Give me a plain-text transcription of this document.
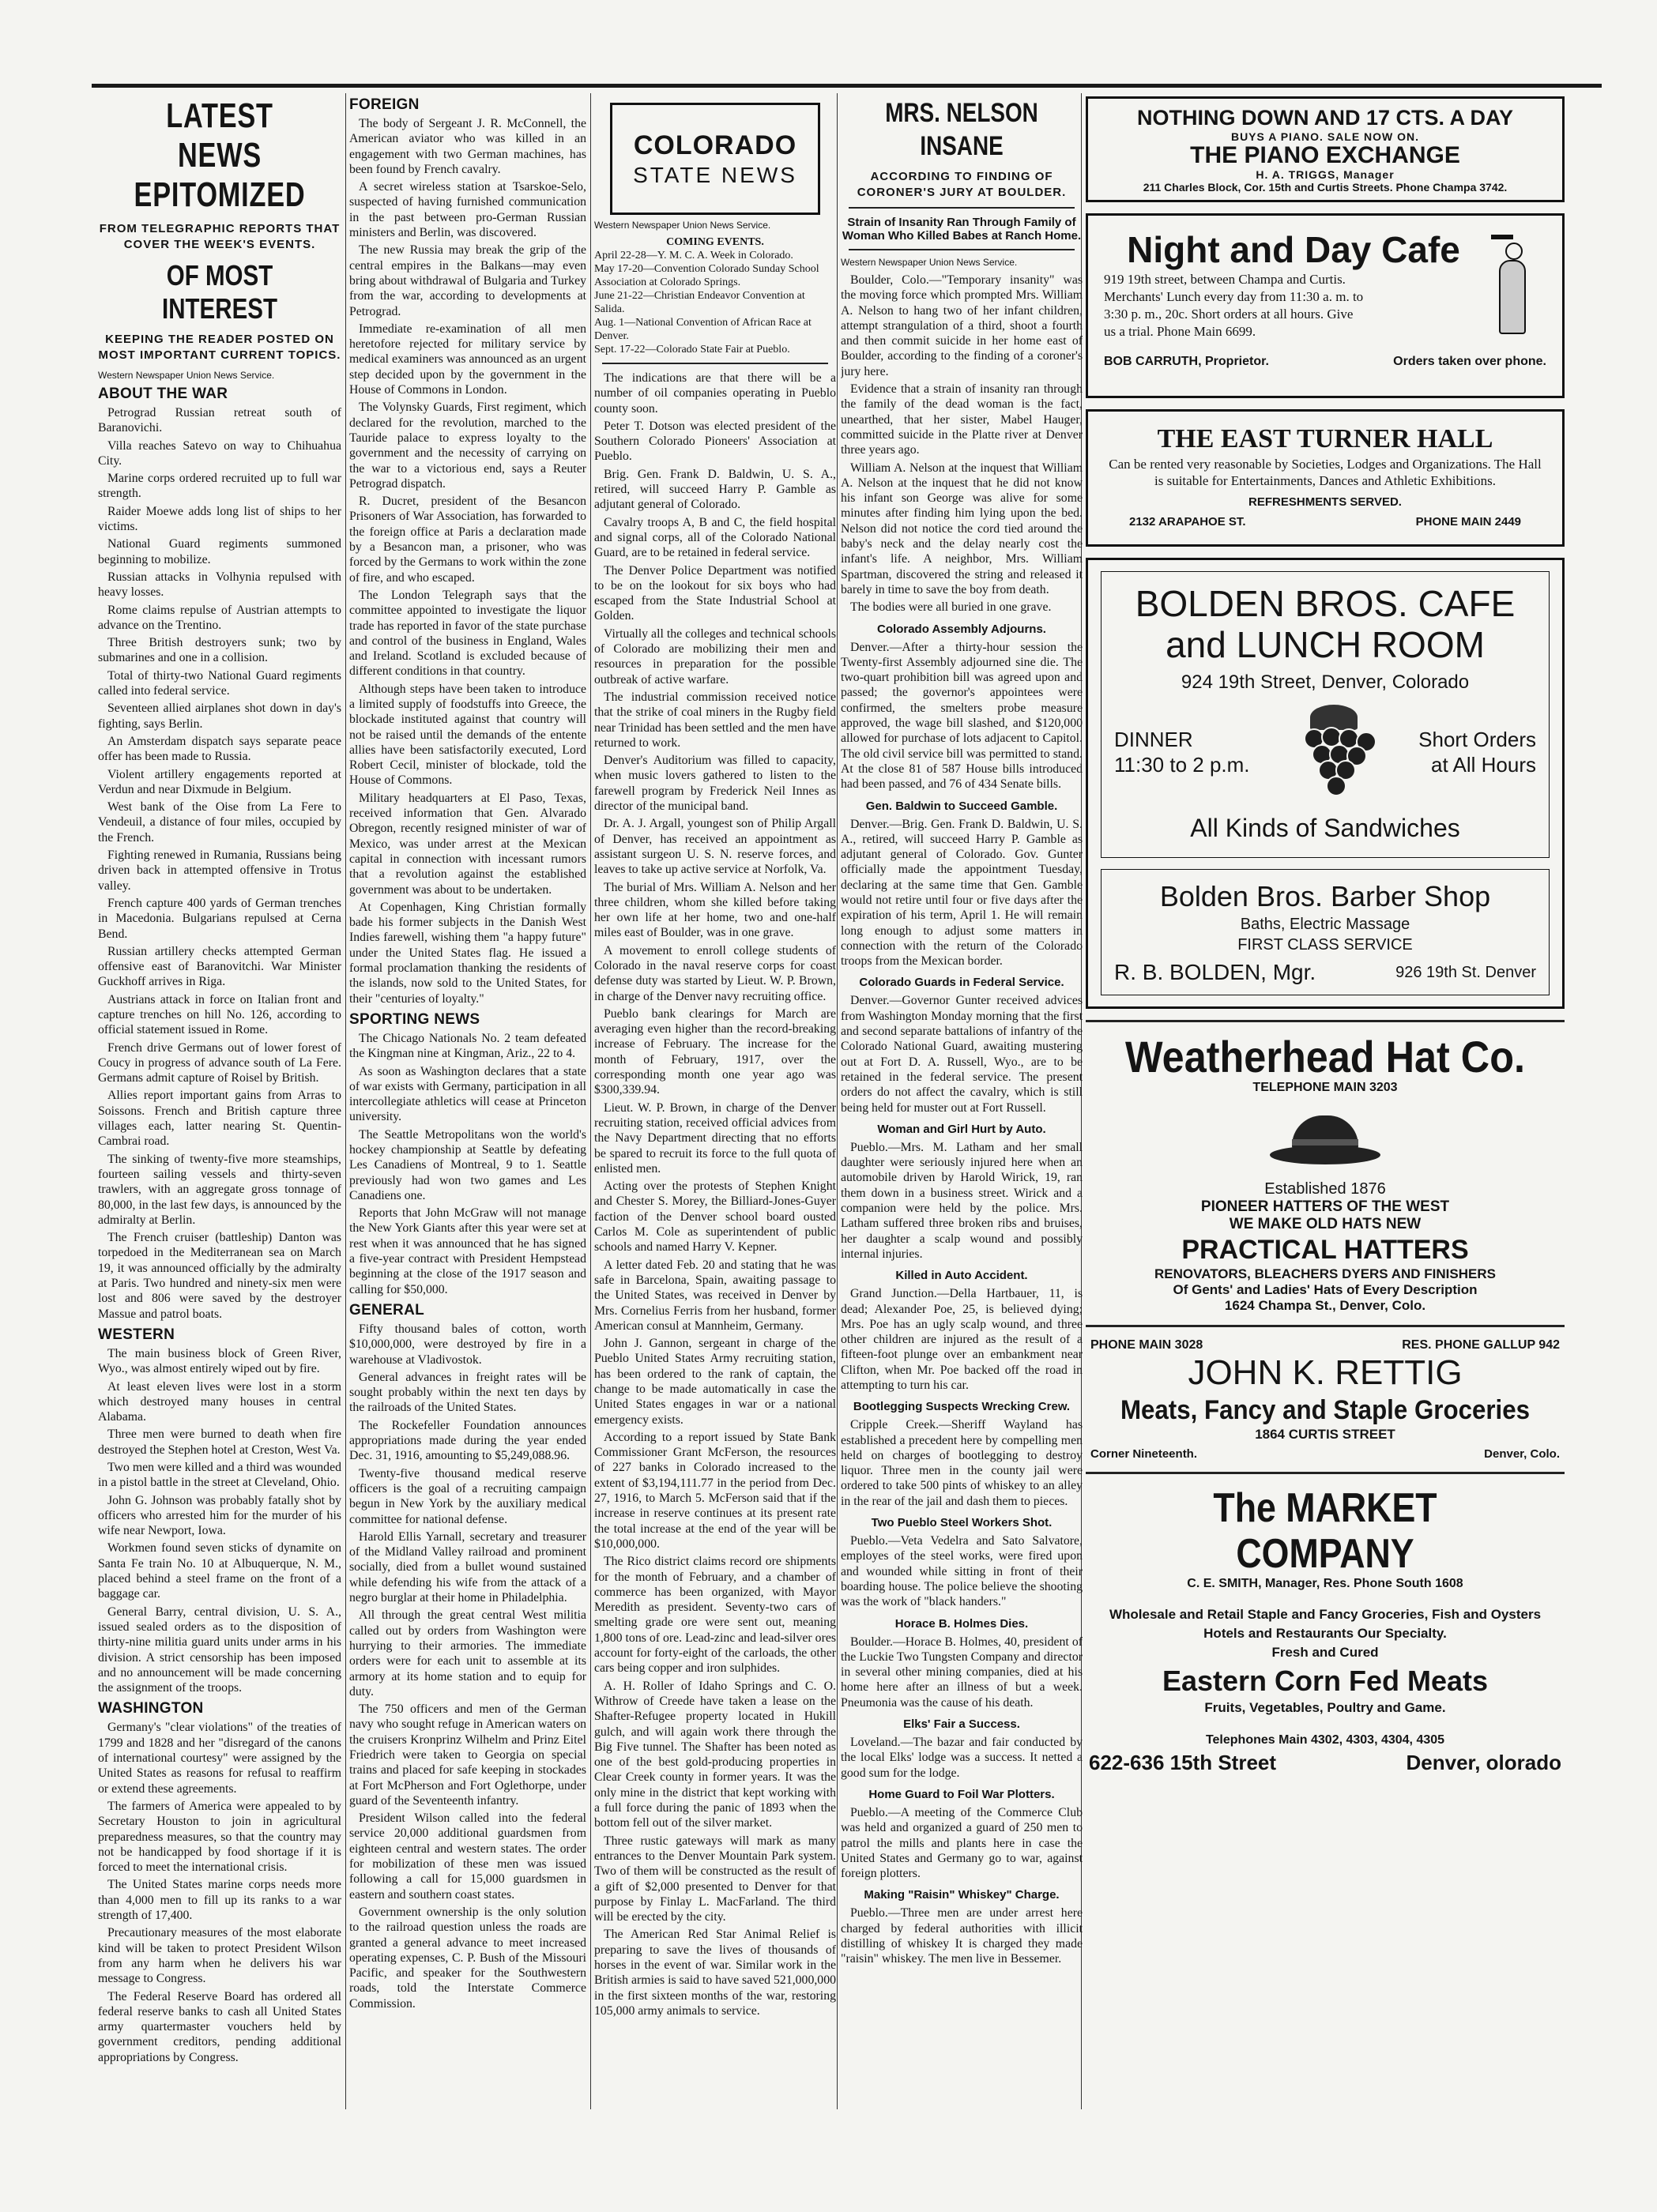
LATEST NEWS EPITOMIZED
FROM TELEGRAPHIC REPORTS THAT COVER THE WEEK'S EVENTS.
OF MOST INTEREST
KEEPING THE READER POSTED ON MOST IMPORTANT CURRENT TOPICS.
Western Newspaper Union News Service.
ABOUT THE WAR
Petrograd Russian retreat south of Baranovichi.
Villa reaches Satevo on way to Chihuahua City.
Marine corps ordered recruited up to full war strength.
Raider Moewe adds long list of ships to her victims.
National Guard regiments summoned beginning to mobilize.
Russian attacks in Volhynia repulsed with heavy losses.
Rome claims repulse of Austrian attempts to advance on the Trentino.
Three British destroyers sunk; two by submarines and one in a collision.
Total of thirty-two National Guard regiments called into federal service.
Seventeen allied airplanes shot down in day's fighting, says Berlin.
An Amsterdam dispatch says separate peace offer has been made to Russia.
Violent artillery engagements reported at Verdun and near Dixmude in Belgium.
West bank of the Oise from La Fere to Vendeuil, a distance of four miles, occupied by the French.
Fighting renewed in Rumania, Russians being driven back in attempted offensive in Trotus valley.
French capture 400 yards of German trenches in Macedonia. Bulgarians repulsed at Cerna Bend.
Russian artillery checks attempted German offensive east of Baranovitchi. War Minister Guckhoff arrives in Riga.
Austrians attack in force on Italian front and capture trenches on hill No. 126, according to official statement issued in Rome.
French drive Germans out of lower forest of Coucy in progress of advance south of La Fere. Germans admit capture of Roisel by British.
Allies report important gains from Arras to Soissons. French and British capture three villages each, latter nearing St. Quentin-Cambrai road.
The sinking of twenty-five more steamships, fourteen sailing vessels and thirty-seven trawlers, with an aggregate gross tonnage of 80,000, in the last few days, is announced by the admiralty at Berlin.
The French cruiser (battleship) Danton was torpedoed in the Mediterranean sea on March 19, it was announced officially by the admiralty at Paris. Two hundred and ninety-six men were lost and 806 were saved by the destroyer Massue and patrol boats.
WESTERN
The main business block of Green River, Wyo., was almost entirely wiped out by fire.
At least eleven lives were lost in a storm which destroyed many houses in central Alabama.
Three men were burned to death when fire destroyed the Stephen hotel at Creston, West Va.
Two men were killed and a third was wounded in a pistol battle in the street at Cleveland, Ohio.
John G. Johnson was probably fatally shot by officers who arrested him for the murder of his wife near Newport, Iowa.
Workmen found seven sticks of dynamite on Santa Fe train No. 10 at Albuquerque, N. M., placed behind a steel frame on the front of a baggage car.
General Barry, central division, U. S. A., issued sealed orders as to the disposition of thirty-nine militia guard units under arms in his division. A strict censorship has been imposed and no announcement will be made concerning the assignment of the troops.
WASHINGTON
Germany's "clear violations" of the treaties of 1799 and 1828 and her "disregard of the canons of international courtesy" were assigned by the United States as reasons for refusal to reaffirm or extend these agreements.
The farmers of America were appealed to by Secretary Houston to join in agricultural preparedness measures, so that the country may not be handicapped by food shortage if it is forced to meet the international crisis.
The United States marine corps needs more than 4,000 men to fill up its ranks to a war strength of 17,400.
Precautionary measures of the most elaborate kind will be taken to protect President Wilson from any harm when he delivers his war message to Congress.
The Federal Reserve Board has ordered all federal reserve banks to cash all United States army quartermaster vouchers held by government creditors, pending additional appropriations by Congress.
FOREIGN
The body of Sergeant J. R. McConnell, the American aviator who was killed in an engagement with two German machines, has been found by French cavalry.
A secret wireless station at Tsarskoe-Selo, suspected of having furnished communication in the past between pro-German Russian ministers and Berlin, was discovered.
The new Russia may break the grip of the central empires in the Balkans—may even bring about withdrawal of Bulgaria and Turkey from the war, according to developments at Petrograd.
Immediate re-examination of all men heretofore rejected for military service by medical examiners was announced as an urgent step decided upon by the government in the House of Commons in London.
The Volynsky Guards, First regiment, which declared for the revolution, marched to the Tauride palace to express loyalty to the government and the necessity of carrying on the war to a victorious end, says a Reuter Petrograd dispatch.
R. Ducret, president of the Besancon Prisoners of War Association, has forwarded to the foreign office at Paris a declaration made by a Besancon man, a prisoner, who was forced by the Germans to work within the zone of fire, and who escaped.
The London Telegraph says that the committee appointed to investigate the liquor trade has reported in favor of the state purchase and control of the business in England, Wales and Ireland. Scotland is excluded because of different conditions in that country.
Although steps have been taken to introduce a limited supply of foodstuffs into Greece, the blockade instituted against that country will not be raised until the demands of the entente allies have been satisfactorily executed, Lord Robert Cecil, minister of blockade, told the House of Commons.
Military headquarters at El Paso, Texas, received information that Gen. Alvarado Obregon, recently resigned minister of war of Mexico, was under arrest at the Mexican capital in connection with incessant rumors that a revolution against the established government was about to be undertaken.
At Copenhagen, King Christian formally bade his former subjects in the Danish West Indies farewell, wishing them "a happy future" under the United States flag. He issued a formal proclamation thanking the residents of the islands, now sold to the United States, for their "centuries of loyalty."
SPORTING NEWS
The Chicago Nationals No. 2 team defeated the Kingman nine at Kingman, Ariz., 22 to 4.
As soon as Washington declares that a state of war exists with Germany, participation in all intercollegiate athletics will cease at Princeton university.
The Seattle Metropolitans won the world's hockey championship at Seattle by defeating Les Canadiens of Montreal, 9 to 1. Seattle previously had won two games and Les Canadiens one.
Reports that John McGraw will not manage the New York Giants after this year were set at rest when it was announced that he has signed a five-year contract with President Hempstead beginning at the close of the 1917 season and calling for $50,000.
GENERAL
Fifty thousand bales of cotton, worth $10,000,000, were destroyed by fire in a warehouse at Vladivostok.
General advances in freight rates will be sought probably within the next ten days by the railroads of the United States.
The Rockefeller Foundation announces appropriations made during the year ended Dec. 31, 1916, amounting to $5,249,088.96.
Twenty-five thousand medical reserve officers is the goal of a recruiting campaign begun in New York by the auxiliary medical committee for national defense.
Harold Ellis Yarnall, secretary and treasurer of the Midland Valley railroad and prominent socially, died from a bullet wound sustained while defending his wife from the attack of a negro burglar at their home in Philadelphia.
All through the great central West militia called out by orders from Washington were hurrying to their armories. The immediate orders were for each unit to assemble at its armory at its home station and to equip for duty.
The 750 officers and men of the German navy who sought refuge in American waters on the cruisers Kronprinz Wilhelm and Prinz Eitel Friedrich were taken to Georgia on special trains and placed for safe keeping in stockades at Fort McPherson and Fort Oglethorpe, under guard of the Seventeenth infantry.
President Wilson called into the federal service 20,000 additional guardsmen from eighteen central and western states. The order for mobilization of these men was issued following a call for 15,000 guardsmen in eastern and southern coast states.
Government ownership is the only solution to the railroad question unless the roads are granted a general advance to meet increased operating expenses, C. P. Bush of the Missouri Pacific, and speaker for the Southwestern roads, told the Interstate Commerce Commission.
COLORADO
STATE NEWS
Western Newspaper Union News Service.
COMING EVENTS.
April 22-28—Y. M. C. A. Week in Colorado.
May 17-20—Convention Colorado Sunday School Association at Colorado Springs.
June 21-22—Christian Endeavor Convention at Salida.
Aug. 1—National Convention of African Race at Denver.
Sept. 17-22—Colorado State Fair at Pueblo.
The indications are that there will be a number of oil companies operating in Pueblo county soon.
Peter T. Dotson was elected president of the Southern Colorado Pioneers' Association at Pueblo.
Brig. Gen. Frank D. Baldwin, U. S. A., retired, will succeed Harry P. Gamble as adjutant general of Colorado.
Cavalry troops A, B and C, the field hospital and signal corps, all of the Colorado National Guard, are to be retained in federal service.
The Denver Police Department was notified to be on the lookout for six boys who had escaped from the State Industrial School at Golden.
Virtually all the colleges and technical schools of Colorado are mobilizing their men and resources in preparation for the possible outbreak of active warfare.
The industrial commission received notice that the strike of coal miners in the Rugby field near Trinidad has been settled and the men have returned to work.
Denver's Auditorium was filled to capacity, when music lovers gathered to listen to the farewell program by Frederick Neil Innes as director of the municipal band.
Dr. A. J. Argall, youngest son of Philip Argall of Denver, has received an appointment as assistant surgeon U. S. N. reserve forces, and leaves to take up active service at Norfolk, Va.
The burial of Mrs. William A. Nelson and her three children, whom she killed before taking her own life at her home, two and one-half miles east of Boulder, was in one grave.
A movement to enroll college students of Colorado in the naval reserve corps for coast defense duty was started by Lieut. W. P. Brown, in charge of the Denver navy recruiting office.
Pueblo bank clearings for March are averaging even higher than the record-breaking increase of February. The increase for the month of February, 1917, over the corresponding month one year ago was $300,339.94.
Lieut. W. P. Brown, in charge of the Denver recruiting station, received official advices from the Navy Department directing that no efforts be spared to recruit its force to the full quota of enlisted men.
Acting over the protests of Stephen Knight and Chester S. Morey, the Billiard-Jones-Guyer faction of the Denver school board ousted Carlos M. Cole as superintendent of public schools and named Harry V. Kepner.
A letter dated Feb. 20 and stating that he was safe in Barcelona, Spain, awaiting passage to the United States, was received in Denver by Mrs. Cornelius Ferris from her husband, former American consul at Mannheim, Germany.
John J. Gannon, sergeant in charge of the Pueblo United States Army recruiting station, has been ordered to the rank of captain, the change to be made automatically in case the United States engages in war or a national emergency exists.
According to a report issued by State Bank Commissioner Grant McFerson, the resources of 227 banks in Colorado increased to the extent of $3,194,111.77 in the period from Dec. 27, 1916, to March 5. McFerson said that if the increase in reserve continues at its present rate the total increase at the end of the year will be $10,000,000.
The Rico district claims record ore shipments for the month of February, and a chamber of commerce has been organized, with Mayor Meredith as president. Seventy-two cars of smelting grade ore were sent out, meaning 1,800 tons of ore. Lead-zinc and lead-silver ores account for forty-eight of the carloads, the other cars being copper and iron sulphides.
A. H. Roller of Idaho Springs and C. O. Withrow of Creede have taken a lease on the Shafter-Refugee property located in Hukill gulch, and will again work there through the Big Five tunnel. The Shafter has been noted as one of the best gold-producing properties in Clear Creek county in former years. It was the only mine in the district that kept working with a full force during the panic of 1893 when the bottom fell out of the silver market.
Three rustic gateways will mark as many entrances to the Denver Mountain Park system. Two of them will be constructed as the result of a gift of $2,000 presented to Denver for that purpose by Finlay L. MacFarland. The third will be erected by the city.
The American Red Star Animal Relief is preparing to save the lives of thousands of horses in the event of war. Similar work in the British armies is said to have saved 521,000,000 in the first sixteen months of the war, restoring 105,000 army animals to service.
MRS. NELSON INSANE
ACCORDING TO FINDING OF CORONER'S JURY AT BOULDER.
Strain of Insanity Ran Through Family of Woman Who Killed Babes at Ranch Home.
Western Newspaper Union News Service.
Boulder, Colo.—"Temporary insanity" was the moving force which prompted Mrs. William A. Nelson to hang two of her infant children, attempt strangulation of a third, shoot a fourth and then commit suicide in her home east of Boulder, according to the finding of a coroner's jury here.
Evidence that a strain of insanity ran through the family of the dead woman is the fact, unearthed, that her sister, Mabel Hauger, committed suicide in the Platte river at Denver three years ago.
William A. Nelson at the inquest that William A. Nelson at the inquest that he did not know his infant son George was alive for some minutes after finding him lying upon the bed. Nelson did not notice the cord tied around the baby's neck and the delay nearly cost the infant's life. A neighbor, Mrs. William Spartman, discovered the string and released it barely in time to save the boy from death.
The bodies were all buried in one grave.
Colorado Assembly Adjourns.
Denver.—After a thirty-hour session the Twenty-first Assembly adjourned sine die. The two-quart prohibition bill was agreed upon and passed; the governor's appointees were confirmed, the smelters probe measure approved, the wage bill slashed, and $120,000 allowed for purchase of lots adjacent to Capitol. The old civil service bill was permitted to stand. At the close 81 of 587 House bills introduced had been passed, and 76 of 434 Senate bills.
Gen. Baldwin to Succeed Gamble.
Denver.—Brig. Gen. Frank D. Baldwin, U. S. A., retired, will succeed Harry P. Gamble as adjutant general of Colorado. Gov. Gunter officially made the appointment Tuesday, declaring at the same time that Gen. Gamble would not retire until four or five days after the expiration of his term, April 1. He will remain long enough to adjust some matters in connection with the return of the Colorado troops from the Mexican border.
Colorado Guards in Federal Service.
Denver.—Governor Gunter received advices from Washington Monday morning that the first and second separate battalions of infantry of the Colorado National Guard, awaiting mustering out at Fort D. A. Russell, Wyo., are to be retained in the federal service. The present orders do not affect the cavalry, which is still being held for muster out at Fort Russell.
Woman and Girl Hurt by Auto.
Pueblo.—Mrs. M. Latham and her small daughter were seriously injured here when an automobile driven by Harold Wirick, 19, ran them down in a business street. Wirick and a companion were held by the police. Mrs. Latham suffered three broken ribs and bruises, her daughter a scalp wound and possibly internal injuries.
Killed in Auto Accident.
Grand Junction.—Della Hartbauer, 11, is dead; Alexander Poe, 25, is believed dying; Mrs. Poe has an ugly scalp wound, and three other children are injured as the result of a fifteen-foot plunge over an embankment near Clifton, when Mr. Poe backed off the road in attempting to turn his car.
Bootlegging Suspects Wrecking Crew.
Cripple Creek.—Sheriff Wayland has established a precedent here by compelling men held on charges of bootlegging to destroy liquor. Three men in the county jail were ordered to take 500 pints of whiskey to an alley in the rear of the jail and dash them to pieces.
Two Pueblo Steel Workers Shot.
Pueblo.—Veta Vedelra and Sato Salvatore, employes of the steel works, were fired upon and wounded while sitting in front of their boarding house. The police believe the shooting was the work of "black handers."
Horace B. Holmes Dies.
Boulder.—Horace B. Holmes, 40, president of the Luckie Two Tungsten Company and director in several other mining companies, died at his home here after an illness of but a week. Pneumonia was the cause of his death.
Elks' Fair a Success.
Loveland.—The bazar and fair conducted by the local Elks' lodge was a success. It netted a good sum for the lodge.
Home Guard to Foil War Plotters.
Pueblo.—A meeting of the Commerce Club was held and organized a guard of 250 men to patrol the mills and plants here in case the United States and Germany go to war, against foreign plotters.
Making "Raisin" Whiskey" Charge.
Pueblo.—Three men are under arrest here charged by federal authorities with illicit distilling of whiskey It is charged they made "raisin" whiskey. The men live in Bessemer.
NOTHING DOWN AND 17 CTS. A DAY
BUYS A PIANO. SALE NOW ON.
THE PIANO EXCHANGE
H. A. TRIGGS, Manager
211 Charles Block, Cor. 15th and Curtis Streets. Phone Champa 3742.
Night and Day Cafe
919 19th street, between Champa and Curtis.
Merchants' Lunch every day from 11:30 a. m. to
3:30 p. m., 20c. Short orders at all hours. Give
us a trial. Phone Main 6699.
BOB CARRUTH, Proprietor.	Orders taken over phone.
THE EAST TURNER HALL
Can be rented very reasonable by Societies, Lodges and Organizations. The Hall is suitable for Entertainments, Dances and Athletic Exhibitions.
REFRESHMENTS SERVED.
2132 ARAPAHOE ST.	PHONE MAIN 2449
BOLDEN BROS. CAFE
and LUNCH ROOM
924 19th Street, Denver, Colorado
DINNER
11:30 to 2 p.m.
Short Orders
at All Hours
All Kinds of Sandwiches
Bolden Bros. Barber Shop
Baths, Electric Massage
FIRST CLASS SERVICE
R. B. BOLDEN, Mgr.	926 19th St. Denver
Weatherhead Hat Co.
TELEPHONE MAIN 3203
Established 1876
PIONEER HATTERS OF THE WEST
WE MAKE OLD HATS NEW
PRACTICAL HATTERS
RENOVATORS, BLEACHERS DYERS AND FINISHERS
Of Gents' and Ladies' Hats of Every Description
1624 Champa St., Denver, Colo.
PHONE MAIN 3028	RES. PHONE GALLUP 942
JOHN K. RETTIG
Meats, Fancy and Staple Groceries
1864 CURTIS STREET
Corner Nineteenth.	Denver, Colo.
The MARKET COMPANY
C. E. SMITH, Manager, Res. Phone South 1608
Wholesale and Retail Staple and Fancy Groceries, Fish and Oysters
Hotels and Restaurants Our Specialty.
Fresh and Cured
Eastern Corn Fed Meats
Fruits, Vegetables, Poultry and Game.
Telephones Main 4302, 4303, 4304, 4305
622-636 15th Street	Denver, olorado
